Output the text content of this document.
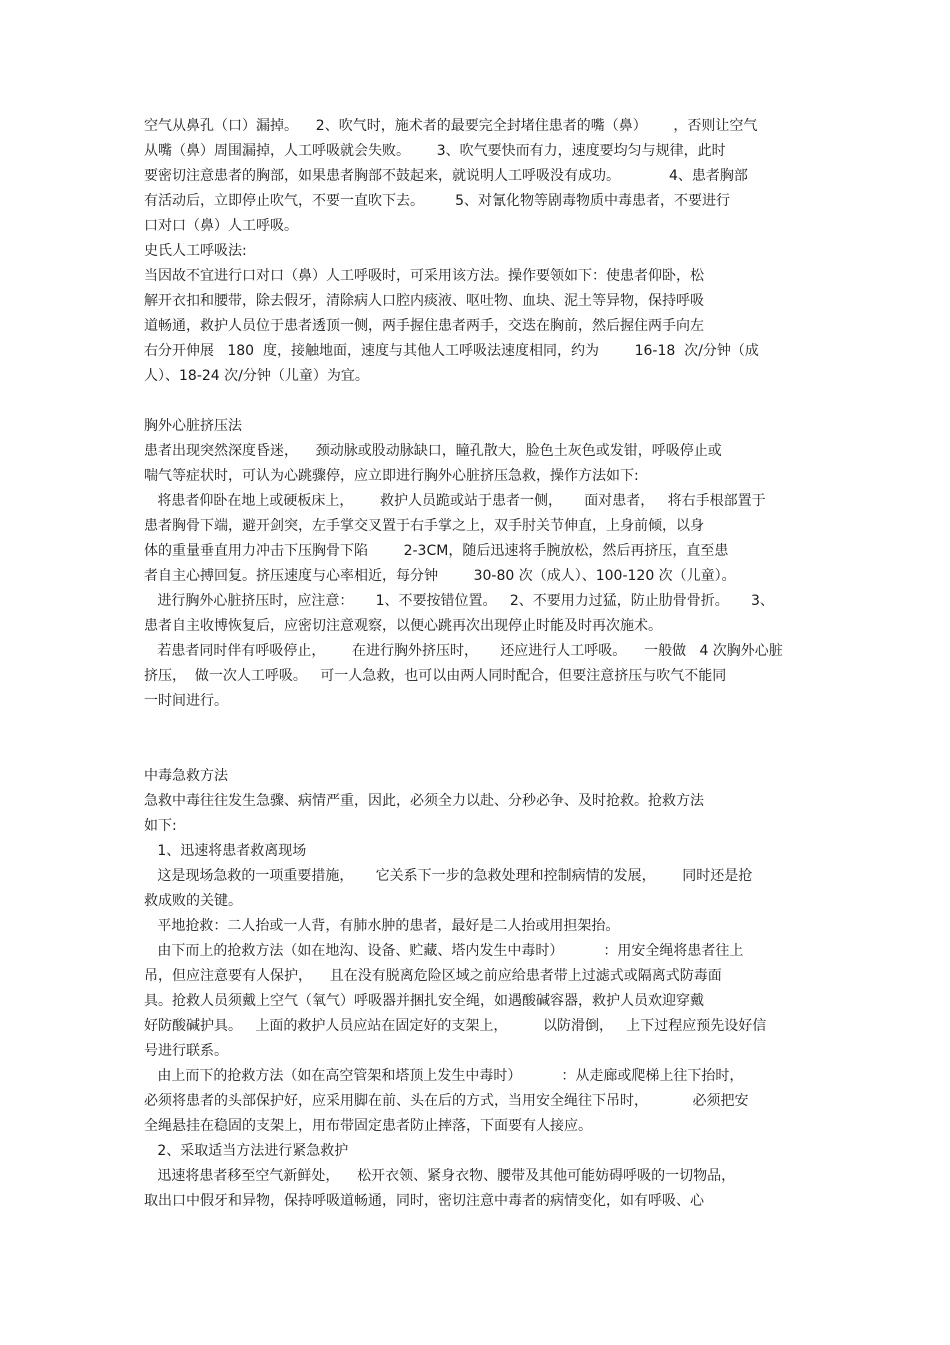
空气从鼻孔（口）漏掉。    2、吹气时，施术者的最要完全封堵住患者的嘴（鼻）      ，否则让空气
从嘴（鼻）周围漏掉，人工呼吸就会失败。      3、吹气要快而有力，速度要均匀与规律，此时
要密切注意患者的胸部，如果患者胸部不鼓起来，就说明人工呼吸没有成功。           4、患者胸部
有活动后，立即停止吹气，不要一直吹下去。       5、对氰化物等剧毒物质中毒患者，不要进行
口对口（鼻）人工呼吸。
史氏人工呼吸法:
当因故不宜进行口对口（鼻）人工呼吸时，可采用该方法。操作要领如下：使患者仰卧，松
解开衣扣和腰带，除去假牙，清除病人口腔内痰液、呕吐物、血块、泥土等异物，保持呼吸
道畅通，救护人员位于患者透顶一侧，两手握住患者两手，交迭在胸前，然后握住两手向左
右分开伸展   180  度，接触地面，速度与其他人工呼吸法速度相同，约为        16-18  次/分钟（成
人）、18-24 次/分钟（儿童）为宜。
胸外心脏挤压法
患者出现突然深度昏迷，    颈动脉或股动脉缺口，瞳孔散大，脸色土灰色或发钳，呼吸停止或
喘气等症状时，可认为心跳骤停，应立即进行胸外心脏挤压急救，操作方法如下:
将患者仰卧在地上或硬板床上，      救护人员跪或站于患者一侧，     面对患者，   将右手根部置于
患者胸骨下端，避开剑突，左手掌交叉置于右手掌之上，双手肘关节伸直，上身前倾，以身
体的重量垂直用力冲击下压胸骨下陷        2-3CM，随后迅速将手腕放松，然后再挤压，直至患
者自主心搏回复。挤压速度与心率相近，每分钟        30-80 次（成人）、100-120 次（儿童）。
进行胸外心脏挤压时，应注意：     1、不要按错位置。   2、不要用力过猛，防止肋骨骨折。     3、
患者自主收博恢复后，应密切注意观察，以便心跳再次出现停止时能及时再次施术。
若患者同时伴有呼吸停止，      在进行胸外挤压时，     还应进行人工呼吸。    一般做   4 次胸外心脏
挤压，  做一次人工呼吸。   可一人急救，也可以由两人同时配合，但要注意挤压与吹气不能同
一时间进行。
中毒急救方法
急救中毒往往发生急骤、病情严重，因此，必须全力以赴、分秒必争、及时抢救。抢救方法
如下:
1、迅速将患者救离现场
这是现场急救的一项重要措施，     它关系下一步的急救处理和控制病情的发展，      同时还是抢
救成败的关键。
平地抢救：二人抬或一人背，有肺水肿的患者，最好是二人抬或用担架抬。
由下而上的抢救方法（如在地沟、设备、贮藏、塔内发生中毒时）         ：用安全绳将患者往上
吊，但应注意要有人保护，    且在没有脱离危险区域之前应给患者带上过滤式或隔离式防毒面
具。抢救人员须戴上空气（氧气）呼吸器并捆扎安全绳，如遇酸碱容器，救护人员欢迎穿戴
好防酸碱护具。   上面的救护人员应站在固定好的支架上，        以防滑倒，   上下过程应预先设好信
号进行联系。
由上而下的抢救方法（如在高空管架和塔顶上发生中毒时）         ：从走廊或爬梯上往下抬时，
必须将患者的头部保护好，应采用脚在前、头在后的方式，当用安全绳往下吊时，          必须把安
全绳悬挂在稳固的支架上，用布带固定患者防止摔落，下面要有人接应。
2、采取适当方法进行紧急救护
迅速将患者移至空气新鲜处，    松开衣领、紧身衣物、腰带及其他可能妨碍呼吸的一切物品，
取出口中假牙和异物，保持呼吸道畅通，同时，密切注意中毒者的病情变化，如有呼吸、心
